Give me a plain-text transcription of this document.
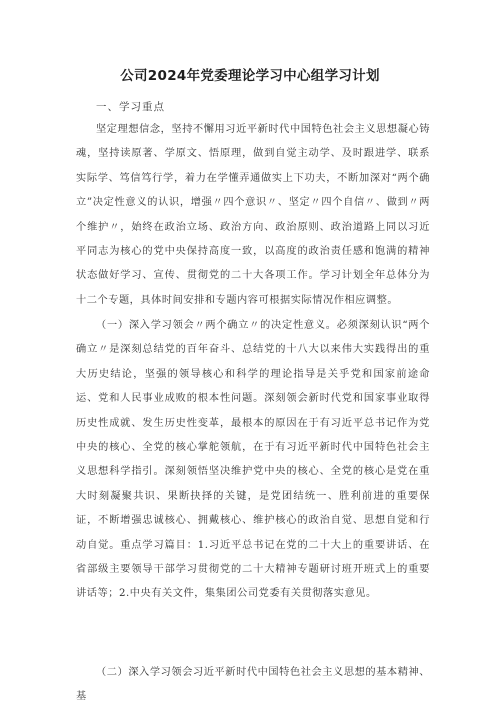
公司2024年党委理论学习中心组学习计划
一、学习重点

坚定理想信念，坚持不懈用习近平新时代中国特色社会主义思想凝心铸魂，坚持读原著、学原文、悟原理，做到自觉主动学、及时跟进学、联系实际学、笃信笃行学，着力在学懂弄通做实上下功夫，不断加深对“两个确立”决定性意义的认识，增强〃四个意识〃、坚定〃四个自信〃、做到〃两个维护〃，始终在政治立场、政治方向、政治原则、政治道路上同以习近平同志为核心的党中央保持高度一致，以高度的政治责任感和饱满的精神状态做好学习、宣传、贯彻党的二十大各项工作。学习计划全年总体分为十二个专题，具体时间安排和专题内容可根据实际情况作相应调整。

（一）深入学习领会〃两个确立〃的决定性意义。必须深刻认识“两个确立〃是深刻总结党的百年奋斗、总结党的十八大以来伟大实践得出的重大历史结论，坚强的领导核心和科学的理论指导是关乎党和国家前途命运、党和人民事业成败的根本性问题。深刻领会新时代党和国家事业取得历史性成就、发生历史性变革，最根本的原因在于有习近平总书记作为党中央的核心、全党的核心掌舵领航，在于有习近平新时代中国特色社会主义思想科学指引。深刻领悟坚决维护党中央的核心、全党的核心是党在重大时刻凝聚共识、果断抉择的关键，是党团结统一、胜利前进的重要保证，不断增强忠诚核心、拥戴核心、维护核心的政治自觉、思想自觉和行动自觉。重点学习篇目：1.习近平总书记在党的二十大上的重要讲话、在省部级主要领导干部学习贯彻党的二十大精神专题研讨班开班式上的重要讲话等；2.中央有关文件，集集团公司党委有关贯彻落实意见。

（二）深入学习领会习近平新时代中国特色社会主义思想的基本精神、基
